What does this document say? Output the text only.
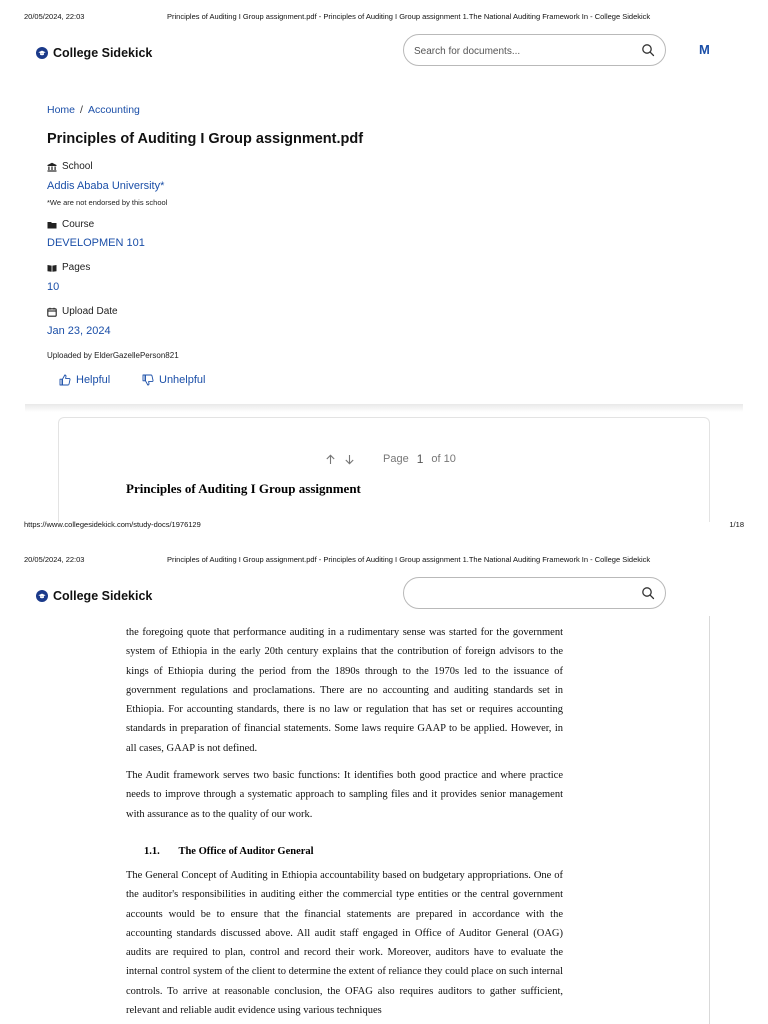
20/05/2024, 22:03	Principles of Auditing I Group assignment.pdf - Principles of Auditing I Group assignment 1.The National Auditing Framework In - College Sidekick
College Sidekick
Search for documents...	M
Home / Accounting
Principles of Auditing I Group assignment.pdf
School
Addis Ababa University*
*We are not endorsed by this school
Course
DEVELOPMEN 101
Pages
10
Upload Date
Jan 23, 2024
Uploaded by ElderGazellePerson821
Helpful	Unhelpful
Page 1 of 10
Principles of Auditing I Group assignment
https://www.collegesidekick.com/study-docs/1976129	1/18
20/05/2024, 22:03	Principles of Auditing I Group assignment.pdf - Principles of Auditing I Group assignment 1.The National Auditing Framework In - College Sidekick
College Sidekick

the foregoing quote that performance auditing in a rudimentary sense was started for the government system of Ethiopia in the early 20th century explains that the contribution of foreign advisors to the kings of Ethiopia during the period from the 1890s through to the 1970s led to the issuance of government regulations and proclamations. There are no accounting and auditing standards set in Ethiopia. For accounting standards, there is no law or regulation that has set or requires accounting standards in preparation of financial statements. Some laws require GAAP to be applied. However, in all cases, GAAP is not defined.

The Audit framework serves two basic functions: It identifies both good practice and where practice needs to improve through a systematic approach to sampling files and it provides senior management with assurance as to the quality of our work.

1.1. The Office of Auditor General

The General Concept of Auditing in Ethiopia accountability based on budgetary appropriations. One of the auditor's responsibilities in auditing either the commercial type entities or the central government accounts would be to ensure that the financial statements are prepared in accordance with the accounting standards discussed above. All audit staff engaged in Office of Auditor General (OAG) audits are required to plan, control and record their work. Moreover, auditors have to evaluate the internal control system of the client to determine the extent of reliance they could place on such internal controls. To arrive at reasonable conclusion, the OFAG also requires auditors to gather sufficient, relevant and reliable audit evidence using various techniques
